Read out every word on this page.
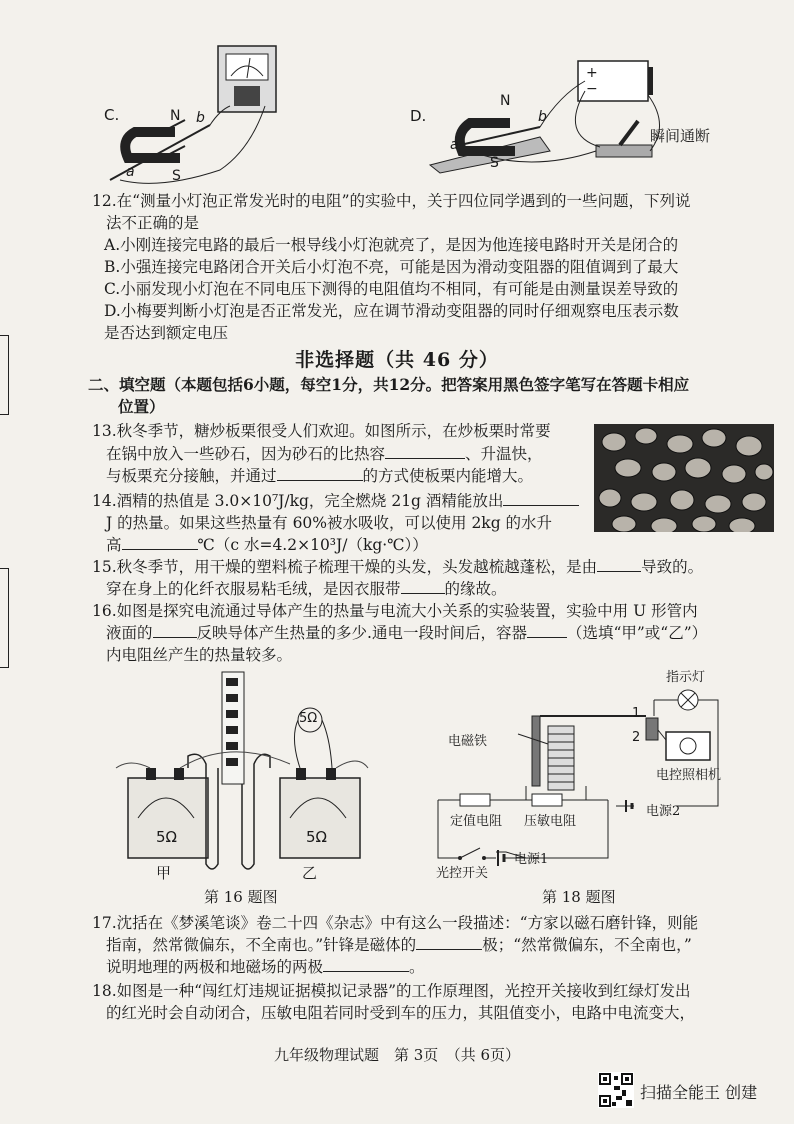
C.	N b
a	S
D.
+
−
N
a
b
S
瞬间通断
12.在“测量小灯泡正常发光时的电阻”的实验中，关于四位同学遇到的一些问题，下列说
法不正确的是
A.小刚连接完电路的最后一根导线小灯泡就亮了，是因为他连接电路时开关是闭合的
B.小强连接完电路闭合开关后小灯泡不亮，可能是因为滑动变阻器的阻值调到了最大
C.小丽发现小灯泡在不同电压下测得的电阻值均不相同，有可能是由测量误差导致的
D.小梅要判断小灯泡是否正常发光，应在调节滑动变阻器的同时仔细观察电压表示数
是否达到额定电压
非选择题（共 46 分）
二、填空题（本题包括6小题，每空1分，共12分。把答案用黑色签字笔写在答题卡相应
位置）
13.秋冬季节，糖炒板栗很受人们欢迎。如图所示，在炒板栗时常要
在锅中放入一些砂石，因为砂石的比热容	、升温快，
与板栗充分接触，并通过	的方式使板栗内能增大。
14.酒精的热值是 3.0×10⁷J/kg，完全燃烧 21g 酒精能放出
J 的热量。如果这些热量有 60%被水吸收，可以使用 2kg 的水升
高	℃（c 水=4.2×10³J/（kg·℃））
15.秋冬季节，用干燥的塑料梳子梳理干燥的头发，头发越梳越蓬松，是由	导致的。
穿在身上的化纤衣服易粘毛绒，是因衣服带	的缘故。
16.如图是探究电流通过导体产生的热量与电流大小关系的实验装置，实验中用 U 形管内
液面的	反映导体产生热量的多少.通电一段时间后，容器	（选填“甲”或“乙”）
内电阻丝产生的热量较多。
5Ω	5Ω
5Ω
甲	乙
第 16 题图
指示灯
1
2
电磁铁
电控照相机
电源2
定值电阻 压敏电阻
电源1
光控开关
第 18 题图
17.沈括在《梦溪笔谈》卷二十四《杂志》中有这么一段描述：“方家以磁石磨针锋，则能
指南，然常微偏东，不全南也。”针锋是磁体的	极；“然常微偏东，不全南也，”
说明地理的两极和地磁场的两极	。
18.如图是一种“闯红灯违规证据模拟记录器”的工作原理图，光控开关接收到红绿灯发出
的红光时会自动闭合，压敏电阻若同时受到车的压力，其阻值变小，电路中电流变大，
九年级物理试题　第 3页　（共 6页）
扫描全能王 创建
